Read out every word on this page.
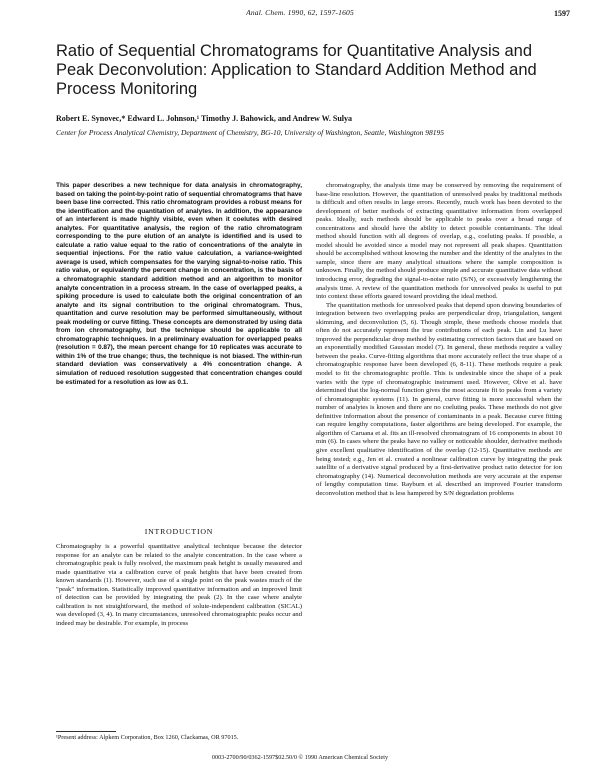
Anal. Chem. 1990, 62, 1597-1605	1597
Ratio of Sequential Chromatograms for Quantitative Analysis and Peak Deconvolution: Application to Standard Addition Method and Process Monitoring
Robert E. Synovec,* Edward L. Johnson,¹ Timothy J. Bahowick, and Andrew W. Sulya
Center for Process Analytical Chemistry, Department of Chemistry, BG-10, University of Washington, Seattle, Washington 98195
This paper describes a new technique for data analysis in chromatography, based on taking the point-by-point ratio of sequential chromatograms that have been base line corrected. This ratio chromatogram provides a robust means for the identification and the quantitation of analytes. In addition, the appearance of an interferent is made highly visible, even when it coelutes with desired analytes. For quantitative analysis, the region of the ratio chromatogram corresponding to the pure elution of an analyte is identified and is used to calculate a ratio value equal to the ratio of concentrations of the analyte in sequential injections. For the ratio value calculation, a variance-weighted average is used, which compensates for the varying signal-to-noise ratio. This ratio value, or equivalently the percent change in concentration, is the basis of a chromatographic standard addition method and an algorithm to monitor analyte concentration in a process stream. In the case of overlapped peaks, a spiking procedure is used to calculate both the original concentration of an analyte and its signal contribution to the original chromatogram. Thus, quantitation and curve resolution may be performed simultaneously, without peak modeling or curve fitting. These concepts are demonstrated by using data from ion chromatography, but the technique should be applicable to all chromatographic techniques. In a preliminary evaluation for overlapped peaks (resolution = 0.87), the mean percent change for 10 replicates was accurate to within 1% of the true change; thus, the technique is not biased. The within-run standard deviation was conservatively a 4% concentration change. A simulation of reduced resolution suggested that concentration changes could be estimated for a resolution as low as 0.1.
INTRODUCTION
Chromatography is a powerful quantitative analytical technique because the detector response for an analyte can be related to the analyte concentration. In the case where a chromatographic peak is fully resolved, the maximum peak height is usually measured and made quantitative via a calibration curve of peak heights that have been created from known standards (1). However, such use of a single point on the peak wastes much of the "peak" information. Statistically improved quantitative information and an improved limit of detection can be provided by integrating the peak (2). In the case where analyte calibration is not straightforward, the method of solute-independent calibration (SICAL) was developed (3, 4). In many circumstances, unresolved chromatographic peaks occur and indeed may be desirable. For example, in process

chromatography, the analysis time may be conserved by removing the requirement of base-line resolution. However, the quantitation of unresolved peaks by traditional methods is difficult and often results in large errors. Recently, much work has been devoted to the development of better methods of extracting quantitative information from overlapped peaks. Ideally, such methods should be applicable to peaks over a broad range of concentrations and should have the ability to detect possible contaminants. The ideal method should function with all degrees of overlap, e.g., coeluting peaks. If possible, a model should be avoided since a model may not represent all peak shapes. Quantitation should be accomplished without knowing the number and the identity of the analytes in the sample, since there are many analytical situations where the sample composition is unknown. Finally, the method should produce simple and accurate quantitative data without introducing error, degrading the signal-to-noise ratio (S/N), or excessively lengthening the analysis time. A review of the quantitation methods for unresolved peaks is useful to put into context these efforts geared toward providing the ideal method.

The quantitation methods for unresolved peaks that depend upon drawing boundaries of integration between two overlapping peaks are perpendicular drop, triangulation, tangent skimming, and deconvolution (5, 6). Though simple, these methods choose models that often do not accurately represent the true contributions of each peak. Lin and Lu have improved the perpendicular drop method by estimating correction factors that are based on an exponentially modified Gaussian model (7). In general, these methods require a valley between the peaks. Curve-fitting algorithms that more accurately reflect the true shape of a chromatographic response have been developed (6, 8-11). These methods require a peak model to fit the chromatographic profile. This is undesirable since the shape of a peak varies with the type of chromatographic instrument used. However, Olive et al. have determined that the log-normal function gives the most accurate fit to peaks from a variety of chromatographic systems (11). In general, curve fitting is more successful when the number of analytes is known and there are no coeluting peaks. These methods do not give definitive information about the presence of contaminants in a peak. Because curve fitting can require lengthy computations, faster algorithms are being developed. For example, the algorithm of Caruana et al. fits an ill-resolved chromatogram of 16 components in about 10 min (6). In cases where the peaks have no valley or noticeable shoulder, derivative methods give excellent qualitative identification of the overlap (12-15). Quantitative methods are being tested; e.g., Jen et al. created a nonlinear calibration curve by integrating the peak satellite of a derivative signal produced by a first-derivative product ratio detector for ion chromatography (14). Numerical deconvolution methods are very accurate at the expense of lengthy computation time. Rayburn et al. described an improved Fourier transform deconvolution method that is less hampered by S/N degradation problems

¹Present address: Alpkem Corporation, Box 1260, Clackamas, OR 97015.
0003-2700/90/0362-1597$02.50/0 © 1990 American Chemical Society
